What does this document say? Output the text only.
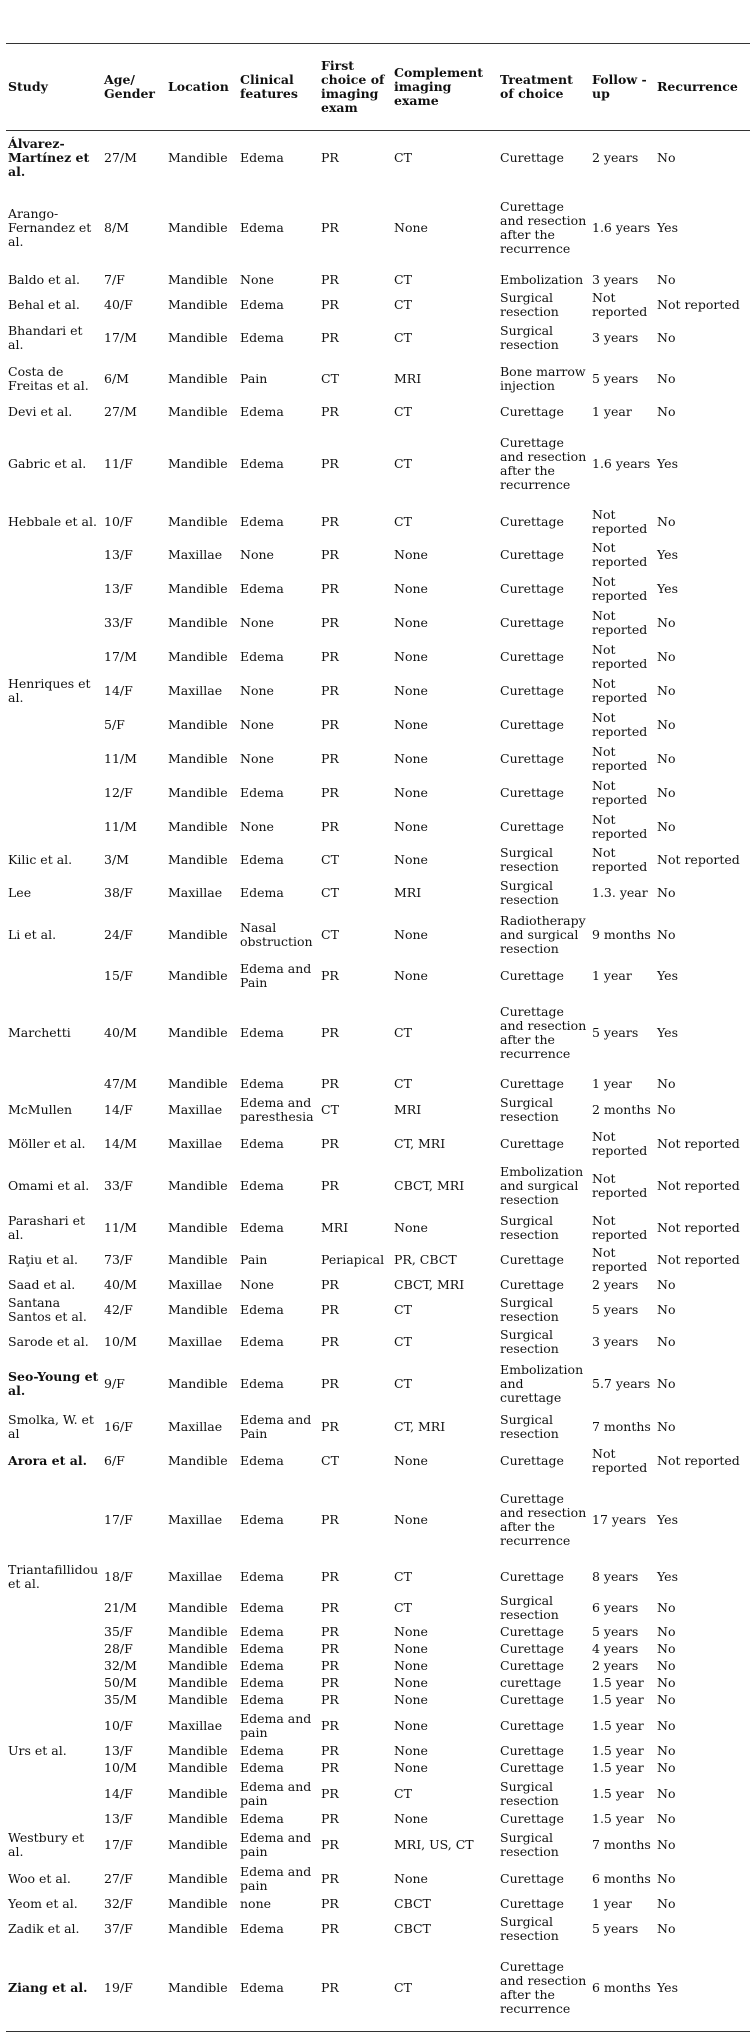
Study	Age/ Gender	Location	Clinical features	First choice of imaging exam	Complement imaging exame	Treatment of choice	Follow -up	Recurrence
Álvarez-Martínez et al.	27/M	Mandible	Edema	PR	CT	Curettage	2 years	No
Arango-Fernandez et al.	8/M	Mandible	Edema	PR	None	Curettage and resection after the recurrence	1.6 years	Yes
Baldo et al.	7/F	Mandible	None	PR	CT	Embolization	3 years	No
Behal et al.	40/F	Mandible	Edema	PR	CT	Surgical resection	Not reported	Not reported
Bhandari et al.	17/M	Mandible	Edema	PR	CT	Surgical resection	3 years	No
Costa de Freitas et al.	6/M	Mandible	Pain	CT	MRI	Bone marrow injection	5 years	No
Devi et al.	27/M	Mandible	Edema	PR	CT	Curettage	1 year	No
Gabric et al.	11/F	Mandible	Edema	PR	CT	Curettage and resection after the recurrence	1.6 years	Yes
Hebbale et al.	10/F	Mandible	Edema	PR	CT	Curettage	Not reported	No
	13/F	Maxillae	None	PR	None	Curettage	Not reported	Yes
	13/F	Mandible	Edema	PR	None	Curettage	Not reported	Yes
	33/F	Mandible	None	PR	None	Curettage	Not reported	No
	17/M	Mandible	Edema	PR	None	Curettage	Not reported	No
Henriques et al.	14/F	Maxillae	None	PR	None	Curettage	Not reported	No
	5/F	Mandible	None	PR	None	Curettage	Not reported	No
	11/M	Mandible	None	PR	None	Curettage	Not reported	No
	12/F	Mandible	Edema	PR	None	Curettage	Not reported	No
	11/M	Mandible	None	PR	None	Curettage	Not reported	No
Kilic et al.	3/M	Mandible	Edema	CT	None	Surgical resection	Not reported	Not reported
Lee	38/F	Maxillae	Edema	CT	MRI	Surgical resection	1.3. year	No
Li et al.	24/F	Mandible	Nasal obstruction	CT	None	Radiotherapy and surgical resection	9 months	No
	15/F	Mandible	Edema and Pain	PR	None	Curettage	1 year	Yes
Marchetti	40/M	Mandible	Edema	PR	CT	Curettage and resection after the recurrence	5 years	Yes
	47/M	Mandible	Edema	PR	CT	Curettage	1 year	No
McMullen	14/F	Maxillae	Edema and paresthesia	CT	MRI	Surgical resection	2 months	No
Möller et al.	14/M	Maxillae	Edema	PR	CT, MRI	Curettage	Not reported	Not reported
Omami et al.	33/F	Mandible	Edema	PR	CBCT, MRI	Embolization and surgical resection	Not reported	Not reported
Parashari et al.	11/M	Mandible	Edema	MRI	None	Surgical resection	Not reported	Not reported
Raţiu et al.	73/F	Mandible	Pain	Periapical	PR, CBCT	Curettage	Not reported	Not reported
Saad et al.	40/M	Maxillae	None	PR	CBCT, MRI	Curettage	2 years	No
Santana Santos et al.	42/F	Mandible	Edema	PR	CT	Surgical resection	5 years	No
Sarode et al.	10/M	Maxillae	Edema	PR	CT	Surgical resection	3 years	No
Seo-Young et al.	9/F	Mandible	Edema	PR	CT	Embolization and curettage	5.7 years	No
Smolka, W. et al	16/F	Maxillae	Edema and Pain	PR	CT, MRI	Surgical resection	7 months	No
Arora et al.	6/F	Mandible	Edema	CT	None	Curettage	Not reported	Not reported
	17/F	Maxillae	Edema	PR	None	Curettage and resection after the recurrence	17 years	Yes
Triantafillidou et al.	18/F	Maxillae	Edema	PR	CT	Curettage	8 years	Yes
	21/M	Mandible	Edema	PR	CT	Surgical resection	6 years	No
	35/F	Mandible	Edema	PR	None	Curettage	5 years	No
	28/F	Mandible	Edema	PR	None	Curettage	4 years	No
	32/M	Mandible	Edema	PR	None	Curettage	2 years	No
	50/M	Mandible	Edema	PR	None	curettage	1.5 year	No
	35/M	Mandible	Edema	PR	None	Curettage	1.5 year	No
	10/F	Maxillae	Edema and pain	PR	None	Curettage	1.5 year	No
Urs et al.	13/F	Mandible	Edema	PR	None	Curettage	1.5 year	No
	10/M	Mandible	Edema	PR	None	Curettage	1.5 year	No
	14/F	Mandible	Edema and pain	PR	CT	Surgical resection	1.5 year	No
	13/F	Mandible	Edema	PR	None	Curettage	1.5 year	No
Westbury et al.	17/F	Mandible	Edema and pain	PR	MRI, US, CT	Surgical resection	7 months	No
Woo et al.	27/F	Mandible	Edema and pain	PR	None	Curettage	6 months	No
Yeom et al.	32/F	Mandible	none	PR	CBCT	Curettage	1 year	No
Zadik et al.	37/F	Mandible	Edema	PR	CBCT	Surgical resection	5 years	No
Ziang et al.	19/F	Mandible	Edema	PR	CT	Curettage and resection after the recurrence	6 months	Yes
